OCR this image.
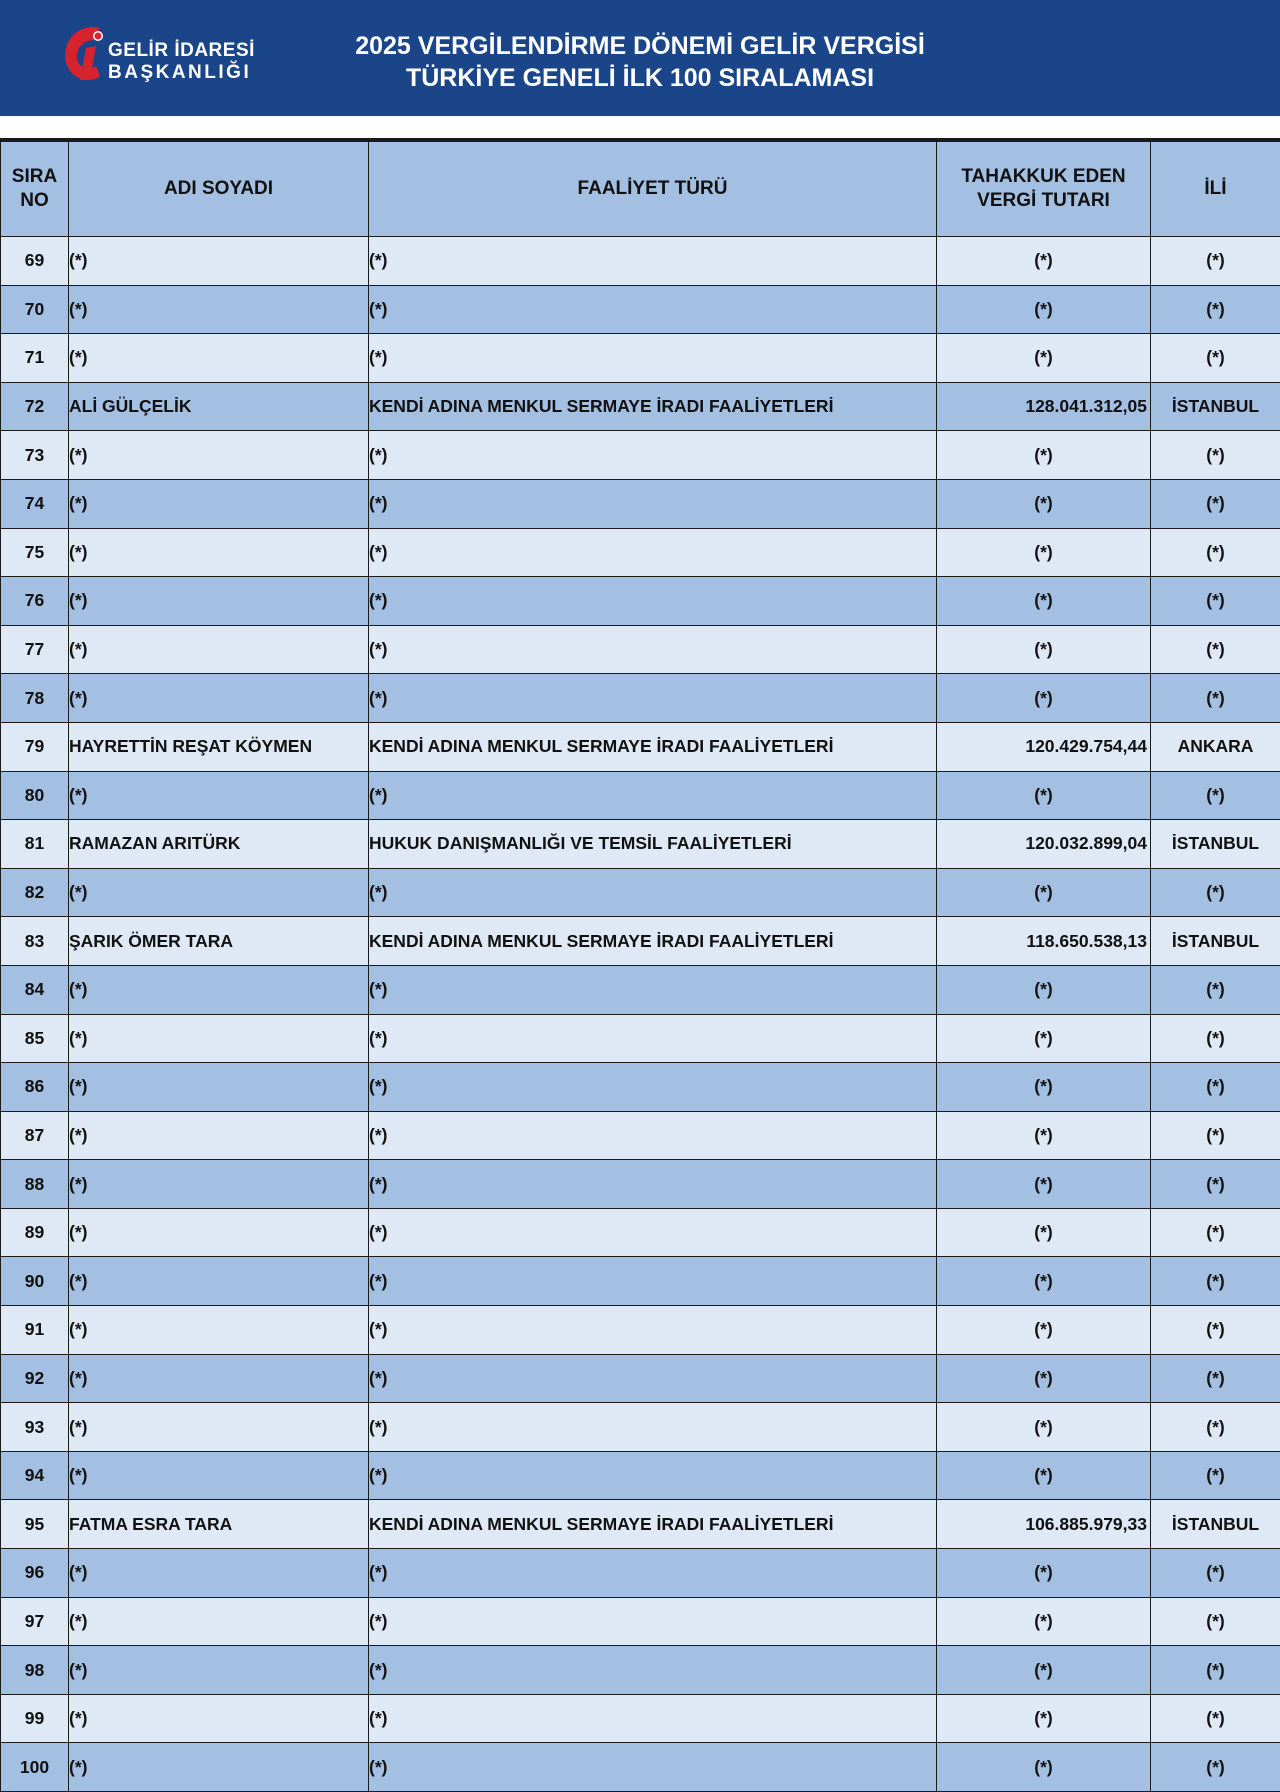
GELİR İDARESİ
BAŞKANLIĞI
2025 VERGİLENDİRME DÖNEMİ GELİR VERGİSİ
TÜRKİYE GENELİ İLK 100 SIRALAMASI
SIRA
NO	ADI SOYADI	FAALİYET TÜRÜ	TAHAKKUK EDEN
VERGİ TUTARI	İLİ
69	(*)	(*)	(*)	(*)
70	(*)	(*)	(*)	(*)
71	(*)	(*)	(*)	(*)
72	ALİ GÜLÇELİK	KENDİ ADINA MENKUL SERMAYE İRADI FAALİYETLERİ	128.041.312,05	İSTANBUL
73	(*)	(*)	(*)	(*)
74	(*)	(*)	(*)	(*)
75	(*)	(*)	(*)	(*)
76	(*)	(*)	(*)	(*)
77	(*)	(*)	(*)	(*)
78	(*)	(*)	(*)	(*)
79	HAYRETTİN REŞAT KÖYMEN	KENDİ ADINA MENKUL SERMAYE İRADI FAALİYETLERİ	120.429.754,44	ANKARA
80	(*)	(*)	(*)	(*)
81	RAMAZAN ARITÜRK	HUKUK DANIŞMANLIĞI VE TEMSİL FAALİYETLERİ	120.032.899,04	İSTANBUL
82	(*)	(*)	(*)	(*)
83	ŞARIK ÖMER TARA	KENDİ ADINA MENKUL SERMAYE İRADI FAALİYETLERİ	118.650.538,13	İSTANBUL
84	(*)	(*)	(*)	(*)
85	(*)	(*)	(*)	(*)
86	(*)	(*)	(*)	(*)
87	(*)	(*)	(*)	(*)
88	(*)	(*)	(*)	(*)
89	(*)	(*)	(*)	(*)
90	(*)	(*)	(*)	(*)
91	(*)	(*)	(*)	(*)
92	(*)	(*)	(*)	(*)
93	(*)	(*)	(*)	(*)
94	(*)	(*)	(*)	(*)
95	FATMA ESRA TARA	KENDİ ADINA MENKUL SERMAYE İRADI FAALİYETLERİ	106.885.979,33	İSTANBUL
96	(*)	(*)	(*)	(*)
97	(*)	(*)	(*)	(*)
98	(*)	(*)	(*)	(*)
99	(*)	(*)	(*)	(*)
100	(*)	(*)	(*)	(*)
